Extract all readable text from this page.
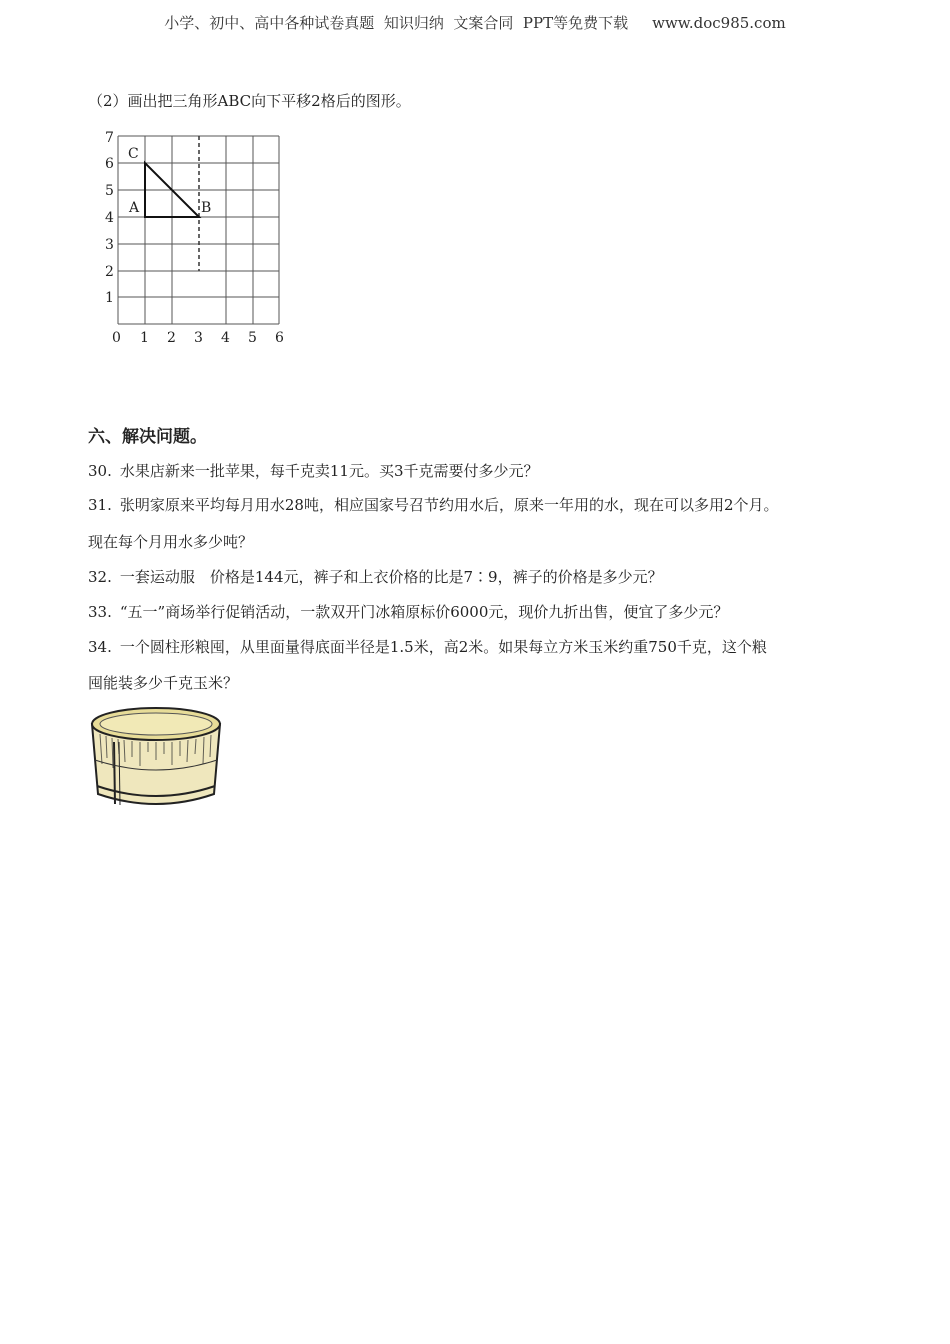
小学、初中、高中各种试卷真题  知识归纳  文案合同  PPT等免费下载 www.doc985.com
（2）画出把三角形ABC向下平移2格后的图形。
C
A	B
7
6
5
4
3
2
1
0 1 2 3 4 5 6
六、解决问题。
30. 水果店新来一批苹果，每千克卖11元。买3千克需要付多少元？
31. 张明家原来平均每月用水28吨，相应国家号召节约用水后，原来一年用的水，现在可以多用2个月。
现在每个月用水多少吨？
32. 一套运动服　价格是144元，裤子和上衣价格的比是7∶9，裤子的价格是多少元？
33. “五一”商场举行促销活动，一款双开门冰箱原标价6000元，现价九折出售，便宜了多少元？
34. 一个圆柱形粮囤，从里面量得底面半径是1.5米，高2米。如果每立方米玉米约重750千克，这个粮
囤能装多少千克玉米？
